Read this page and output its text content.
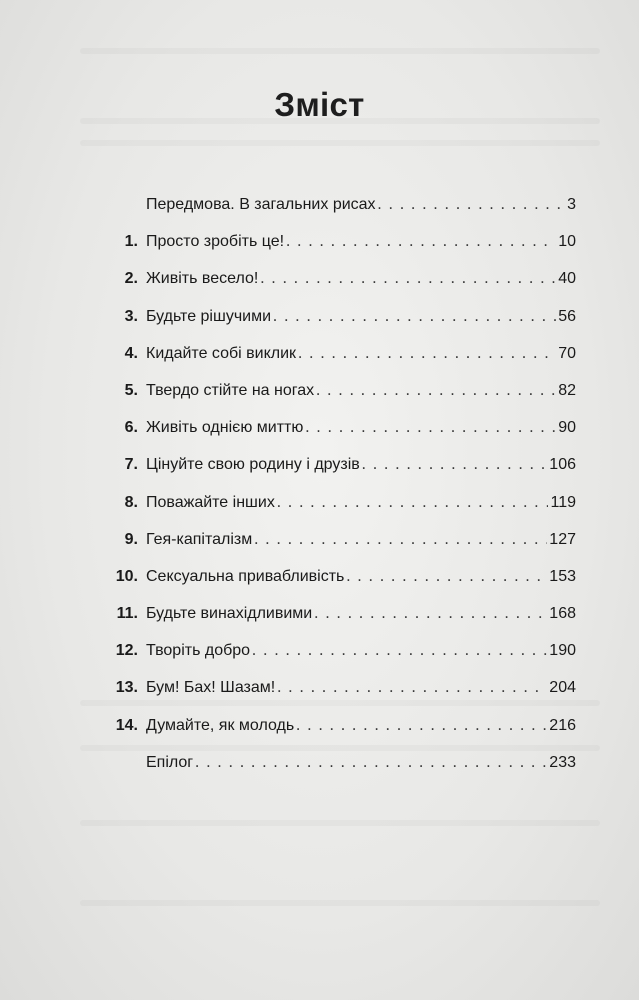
Зміст
Передмова. В загальних рисах . . .	3
1. Просто зробіть це! . . .	10
2. Живіть весело! . . .	40
3. Будьте рішучими . . .	56
4. Кидайте собі виклик . . .	70
5. Твердо стійте на ногах . . .	82
6. Живіть однією миттю . . .	90
7. Цінуйте свою родину і друзів . . .	106
8. Поважайте інших . . .	119
9. Гея-капіталізм . . .	127
10. Сексуальна привабливість . . .	153
11. Будьте винахідливими . . .	168
12. Творіть добро . . .	190
13. Бум! Бах! Шазам! . . .	204
14. Думайте, як молодь . . .	216
Епілог . . .	233
